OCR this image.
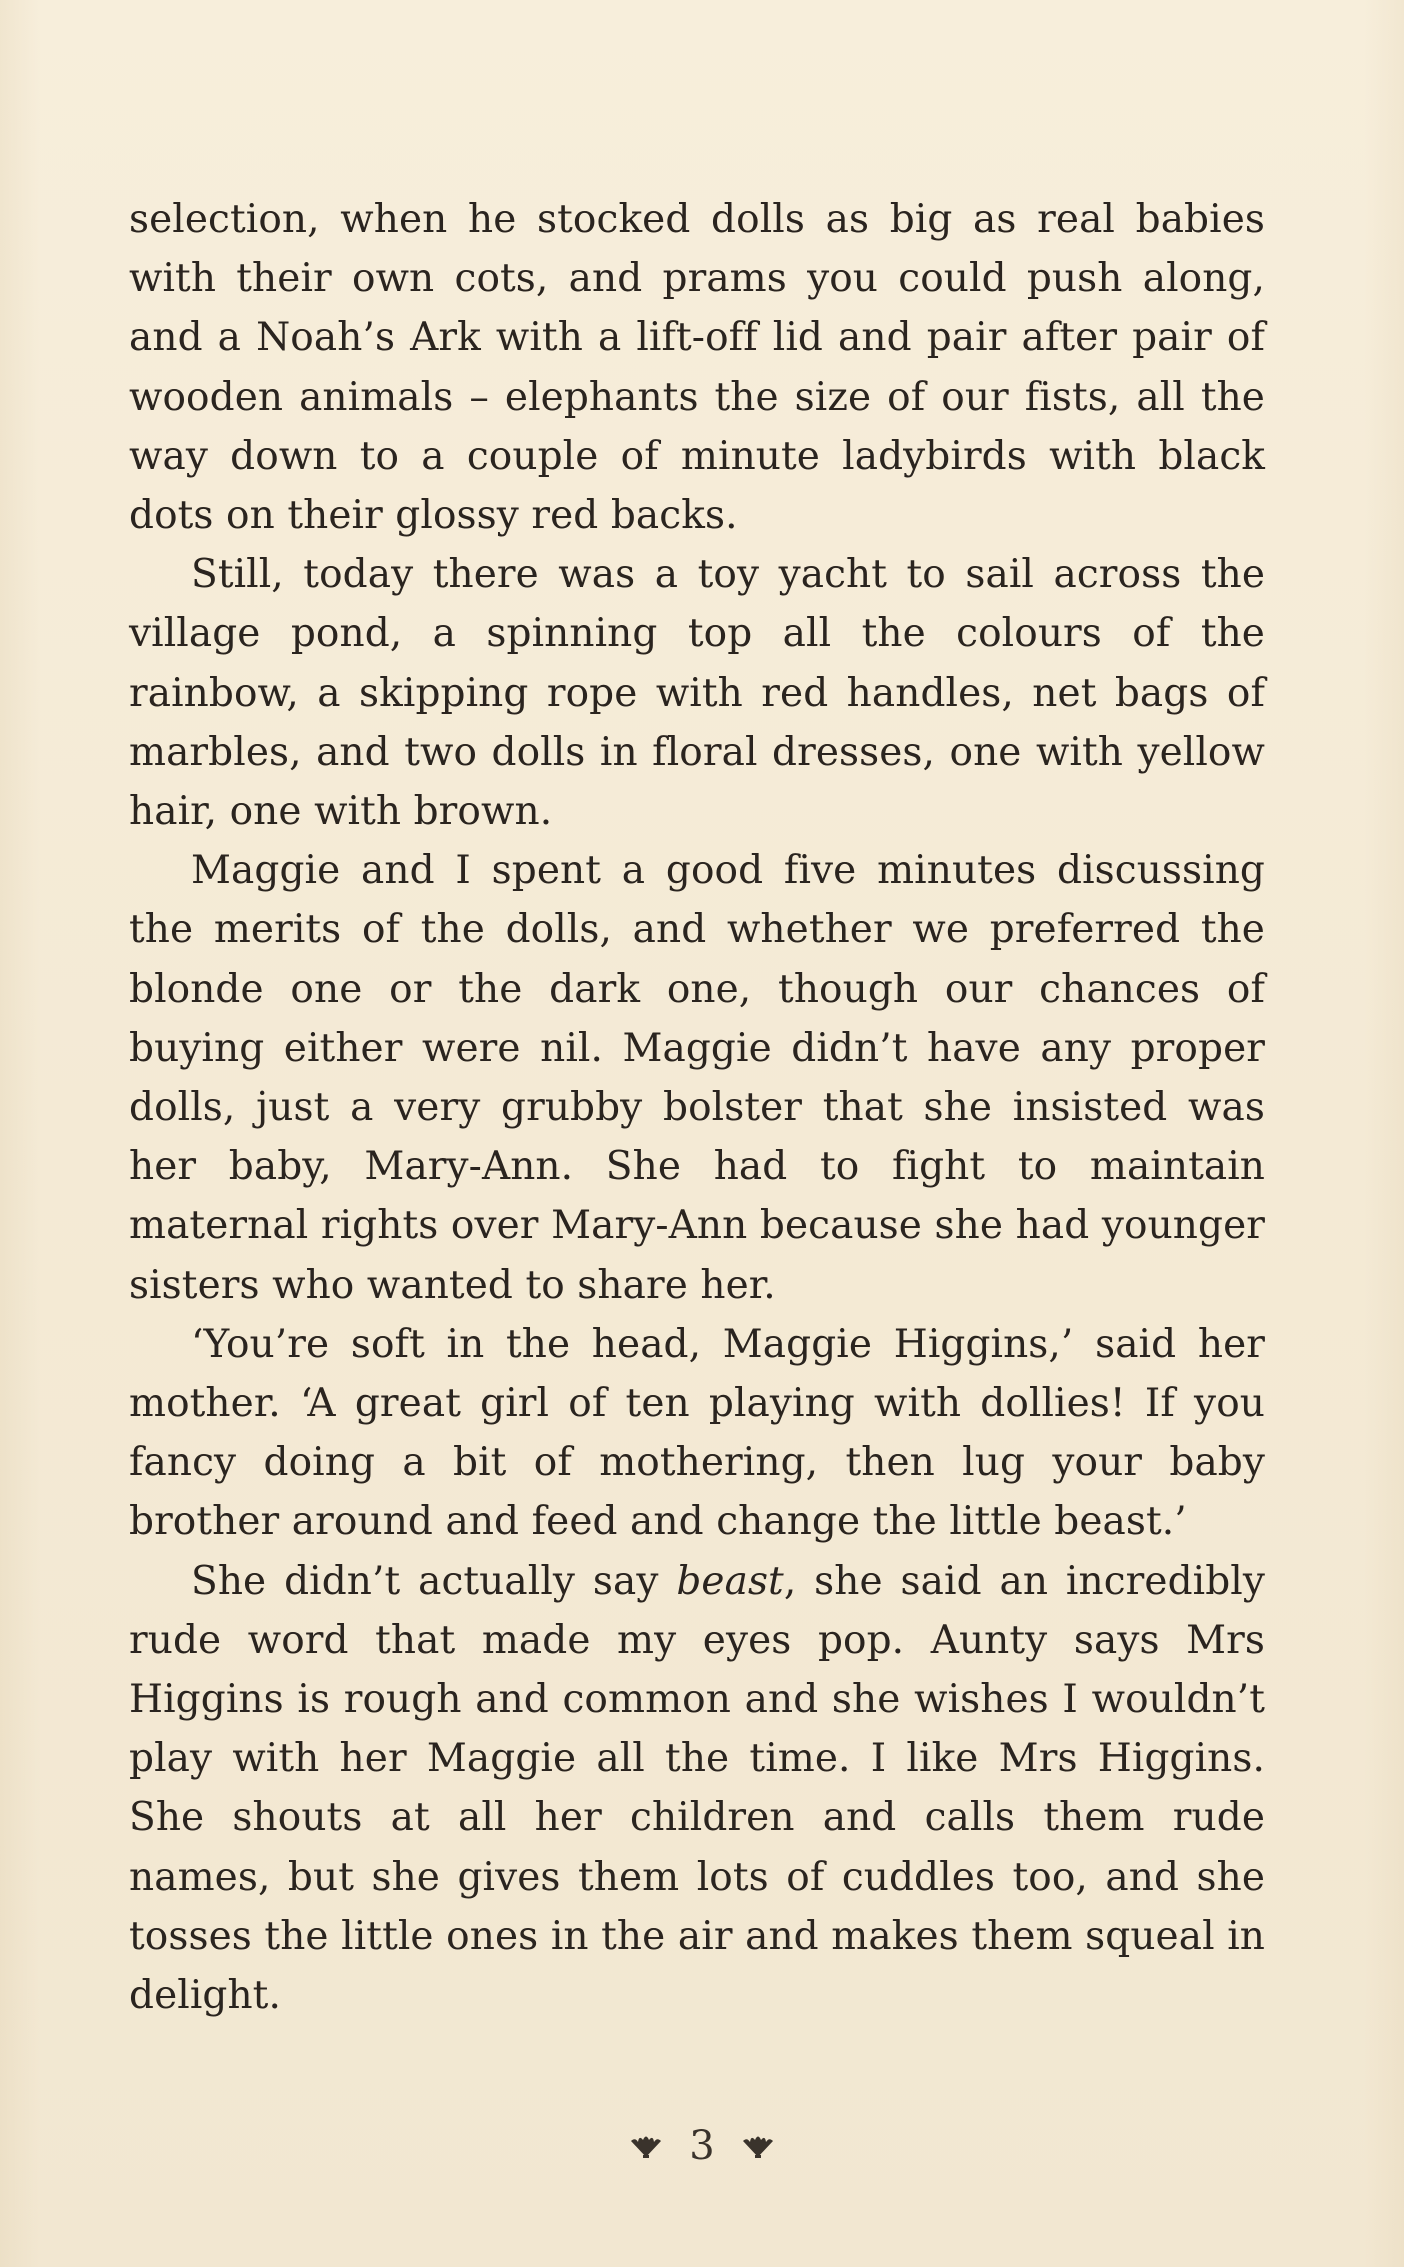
selection, when he stocked dolls as big as real babies with their own cots, and prams you could push along, and a Noah’s Ark with a lift-off lid and pair after pair of wooden animals – elephants the size of our fists, all the way down to a couple of minute ladybirds with black dots on their glossy red backs.

Still, today there was a toy yacht to sail across the village pond, a spinning top all the colours of the rainbow, a skipping rope with red handles, net bags of marbles, and two dolls in floral dresses, one with yellow hair, one with brown.

Maggie and I spent a good five minutes discussing the merits of the dolls, and whether we preferred the blonde one or the dark one, though our chances of buying either were nil. Maggie didn’t have any proper dolls, just a very grubby bolster that she insisted was her baby, Mary-Ann. She had to fight to maintain maternal rights over Mary-Ann because she had younger sisters who wanted to share her.

‘You’re soft in the head, Maggie Higgins,’ said her mother. ‘A great girl of ten playing with dollies! If you fancy doing a bit of mothering, then lug your baby brother around and feed and change the little beast.’

She didn’t actually say beast, she said an incredibly rude word that made my eyes pop. Aunty says Mrs Higgins is rough and common and she wishes I wouldn’t play with her Maggie all the time. I like Mrs Higgins. She shouts at all her children and calls them rude names, but she gives them lots of cuddles too, and she tosses the little ones in the air and makes them squeal in delight.

3
